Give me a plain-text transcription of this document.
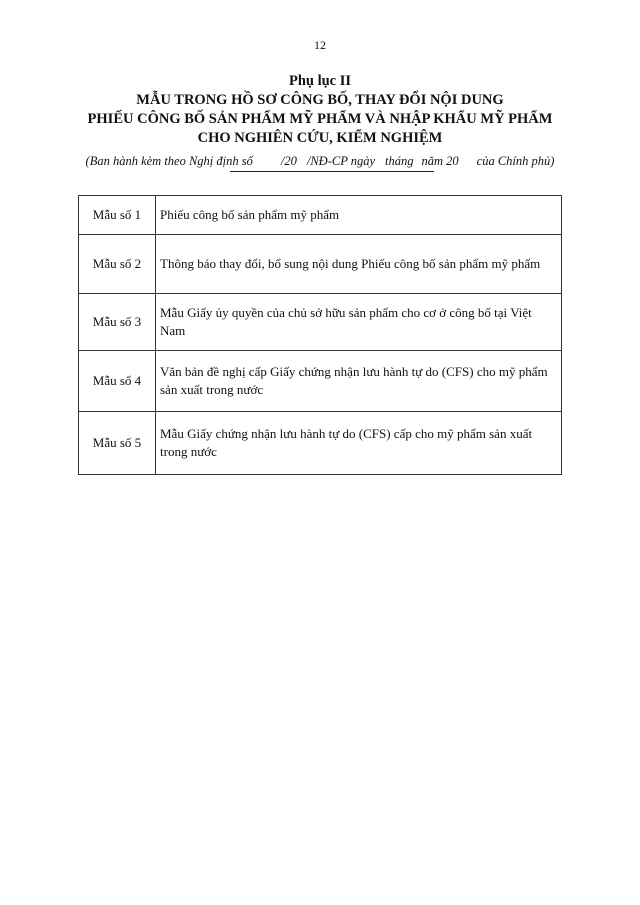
12
Phụ lục II
MẪU TRONG HỒ SƠ CÔNG BỐ, THAY ĐỔI NỘI DUNG
PHIẾU CÔNG BỐ SẢN PHẨM MỸ PHẨM VÀ NHẬP KHẨU MỸ PHẨM
CHO NGHIÊN CỨU, KIỂM NGHIỆM
(Ban hành kèm theo Nghị định số /20 /NĐ-CP ngày tháng năm 20 của Chính phủ)
Mẫu số 1	Phiếu công bố sản phẩm mỹ phẩm
Mẫu số 2	Thông báo thay đổi, bổ sung nội dung Phiếu công bố sản phẩm mỹ phẩm
Mẫu số 3	Mẫu Giấy ủy quyền của chủ sở hữu sản phẩm cho cơ ở công bố tại Việt Nam
Mẫu số 4	Văn bản đề nghị cấp Giấy chứng nhận lưu hành tự do (CFS) cho mỹ phẩm sản xuất trong nước
Mẫu số 5	Mẫu Giấy chứng nhận lưu hành tự do (CFS) cấp cho mỹ phẩm sản xuất trong nước
